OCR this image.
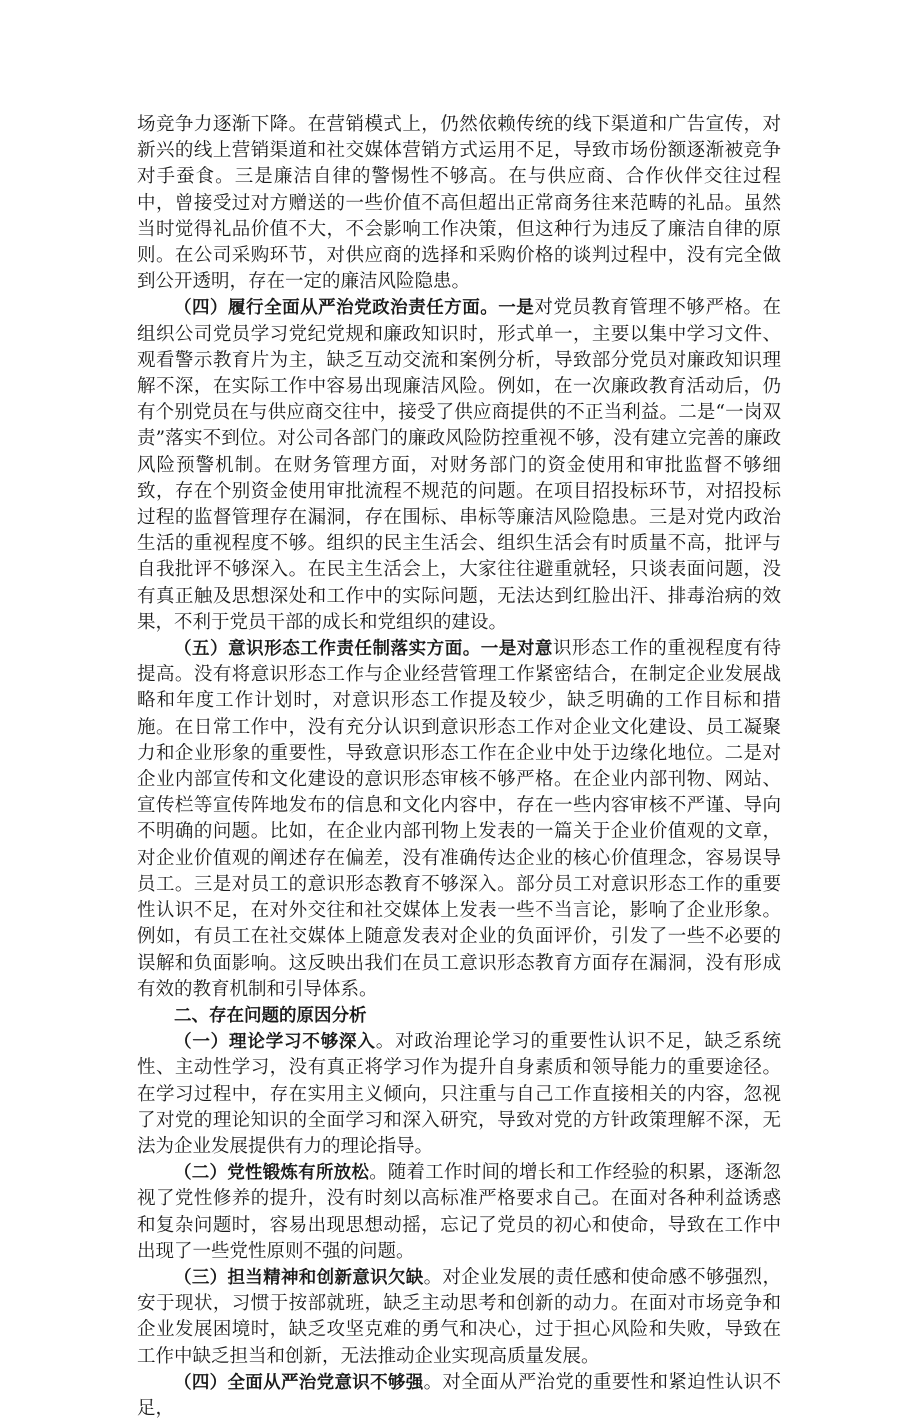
场竞争力逐渐下降。在营销模式上，仍然依赖传统的线下渠道和广告宣传，对新兴的线上营销渠道和社交媒体营销方式运用不足，导致市场份额逐渐被竞争对手蚕食。三是廉洁自律的警惕性不够高。在与供应商、合作伙伴交往过程中，曾接受过对方赠送的一些价值不高但超出正常商务往来范畴的礼品。虽然当时觉得礼品价值不大，不会影响工作决策，但这种行为违反了廉洁自律的原则。在公司采购环节，对供应商的选择和采购价格的谈判过程中，没有完全做到公开透明，存在一定的廉洁风险隐患。

（四）履行全面从严治党政治责任方面。一是对党员教育管理不够严格。在组织公司党员学习党纪党规和廉政知识时，形式单一，主要以集中学习文件、观看警示教育片为主，缺乏互动交流和案例分析，导致部分党员对廉政知识理解不深，在实际工作中容易出现廉洁风险。例如，在一次廉政教育活动后，仍有个别党员在与供应商交往中，接受了供应商提供的不正当利益。二是“一岗双责”落实不到位。对公司各部门的廉政风险防控重视不够，没有建立完善的廉政风险预警机制。在财务管理方面，对财务部门的资金使用和审批监督不够细致，存在个别资金使用审批流程不规范的问题。在项目招投标环节，对招投标过程的监督管理存在漏洞，存在围标、串标等廉洁风险隐患。三是对党内政治生活的重视程度不够。组织的民主生活会、组织生活会有时质量不高，批评与自我批评不够深入。在民主生活会上，大家往往避重就轻，只谈表面问题，没有真正触及思想深处和工作中的实际问题，无法达到红脸出汗、排毒治病的效果，不利于党员干部的成长和党组织的建设。

（五）意识形态工作责任制落实方面。一是对意识形态工作的重视程度有待提高。没有将意识形态工作与企业经营管理工作紧密结合，在制定企业发展战略和年度工作计划时，对意识形态工作提及较少，缺乏明确的工作目标和措施。在日常工作中，没有充分认识到意识形态工作对企业文化建设、员工凝聚力和企业形象的重要性，导致意识形态工作在企业中处于边缘化地位。二是对企业内部宣传和文化建设的意识形态审核不够严格。在企业内部刊物、网站、宣传栏等宣传阵地发布的信息和文化内容中，存在一些内容审核不严谨、导向不明确的问题。比如，在企业内部刊物上发表的一篇关于企业价值观的文章，对企业价值观的阐述存在偏差，没有准确传达企业的核心价值理念，容易误导员工。三是对员工的意识形态教育不够深入。部分员工对意识形态工作的重要性认识不足，在对外交往和社交媒体上发表一些不当言论，影响了企业形象。例如，有员工在社交媒体上随意发表对企业的负面评价，引发了一些不必要的误解和负面影响。这反映出我们在员工意识形态教育方面存在漏洞，没有形成有效的教育机制和引导体系。

二、存在问题的原因分析

（一）理论学习不够深入。对政治理论学习的重要性认识不足，缺乏系统性、主动性学习，没有真正将学习作为提升自身素质和领导能力的重要途径。在学习过程中，存在实用主义倾向，只注重与自己工作直接相关的内容，忽视了对党的理论知识的全面学习和深入研究，导致对党的方针政策理解不深，无法为企业发展提供有力的理论指导。

（二）党性锻炼有所放松。随着工作时间的增长和工作经验的积累，逐渐忽视了党性修养的提升，没有时刻以高标准严格要求自己。在面对各种利益诱惑和复杂问题时，容易出现思想动摇，忘记了党员的初心和使命，导致在工作中出现了一些党性原则不强的问题。

（三）担当精神和创新意识欠缺。对企业发展的责任感和使命感不够强烈，安于现状，习惯于按部就班，缺乏主动思考和创新的动力。在面对市场竞争和企业发展困境时，缺乏攻坚克难的勇气和决心，过于担心风险和失败，导致在工作中缺乏担当和创新，无法推动企业实现高质量发展。

（四）全面从严治党意识不够强。对全面从严治党的重要性和紧迫性认识不足，
